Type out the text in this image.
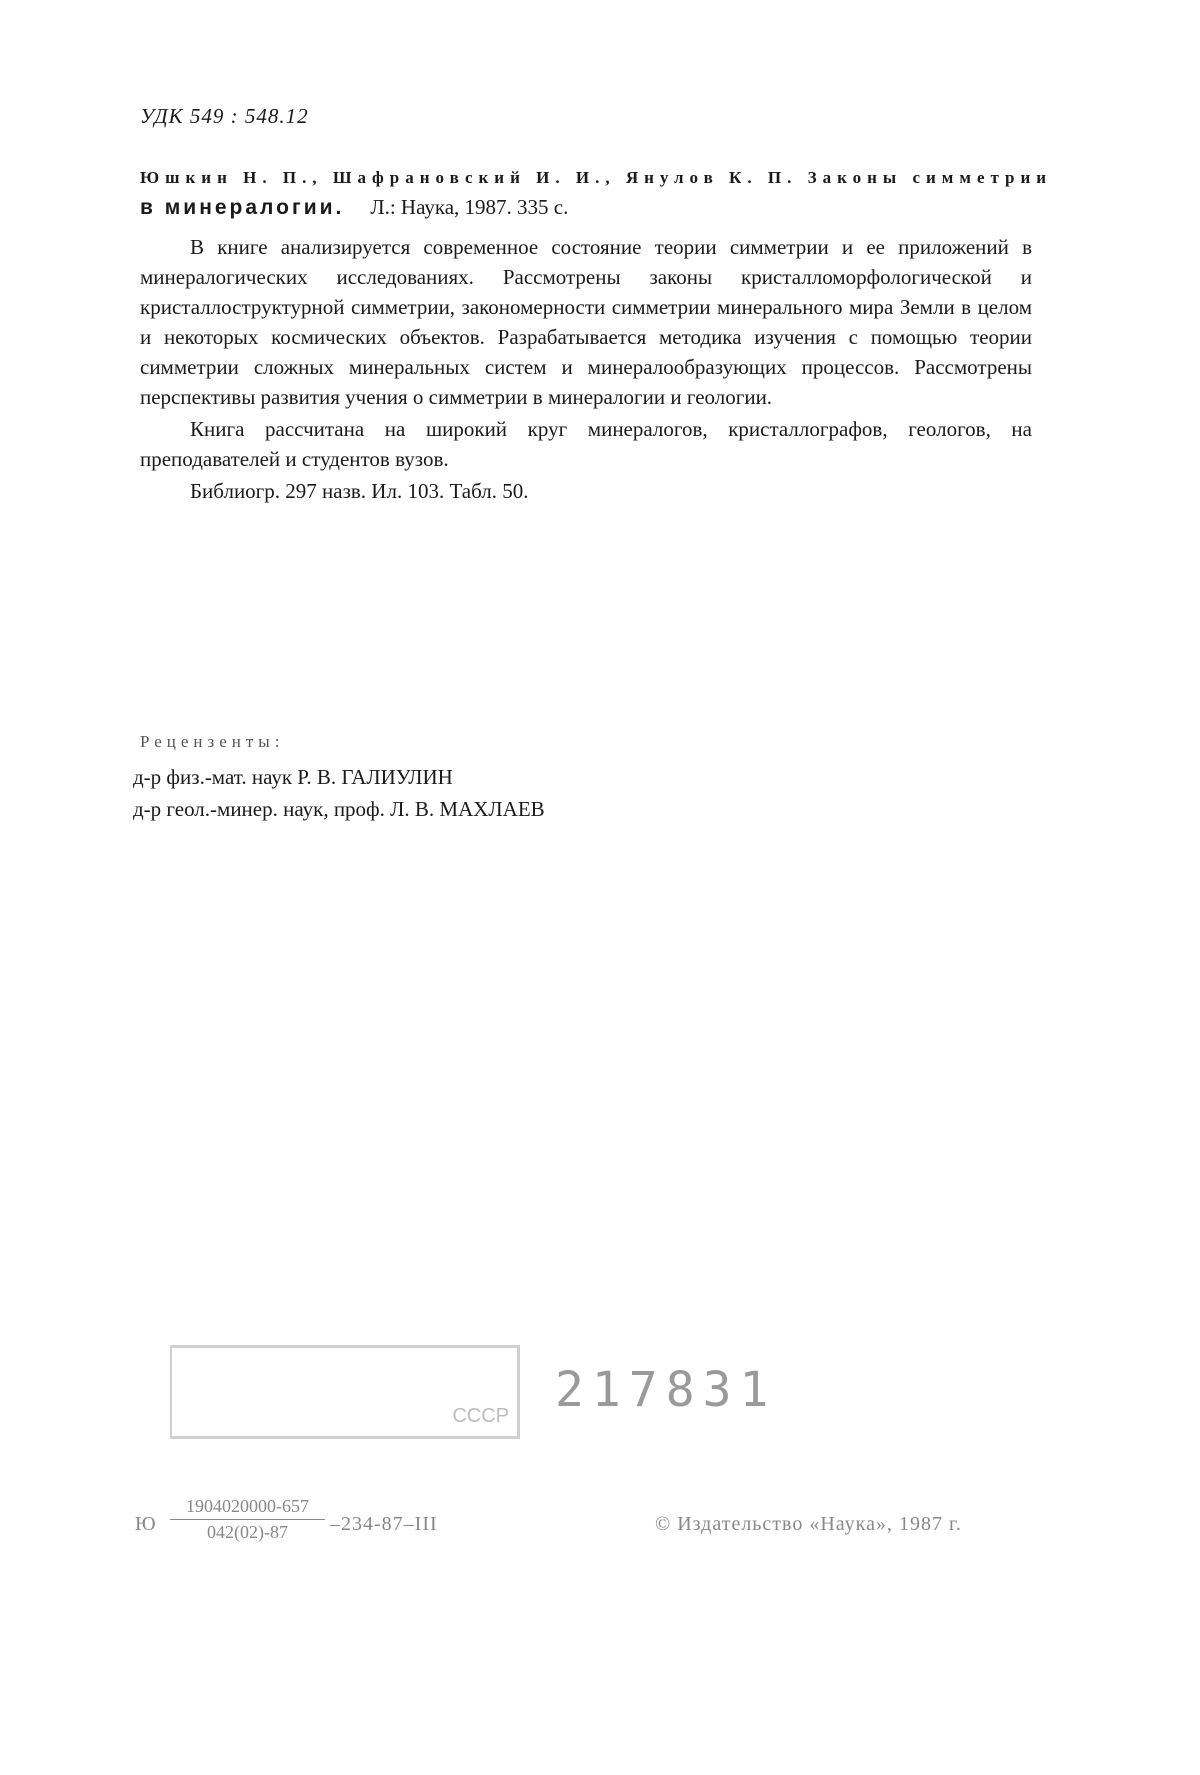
УДК 549 : 548.12
Юшкин Н. П., Шафрановский И. И., Янулов К. П. Законы симметрии
в минералогии. Л.: Наука, 1987. 335 с.

В книге анализируется современное состояние теории симметрии и ее приложений в минералогических исследованиях. Рассмотрены законы кристалломорфологической и кристаллоструктурной симметрии, закономерности симметрии минерального мира Земли в целом и некоторых космических объектов. Разрабатывается методика изучения с помощью теории симметрии сложных минеральных систем и минералообразующих процессов. Рассмотрены перспективы развития учения о симметрии в минералогии и геологии.

Книга рассчитана на широкий круг минералогов, кристаллографов, геологов, на преподавателей и студентов вузов.

Библиогр. 297 назв. Ил. 103. Табл. 50.

Рецензенты:
д-р физ.-мат. наук Р. В. ГАЛИУЛИН
д-р геол.-минер. наук, проф. Л. В. МАХЛАЕВ
СССР 217831
Ю $\frac{1904020000-657}{042(02)-87} -234-87-III$	© Издательство «Наука», 1987 г.
